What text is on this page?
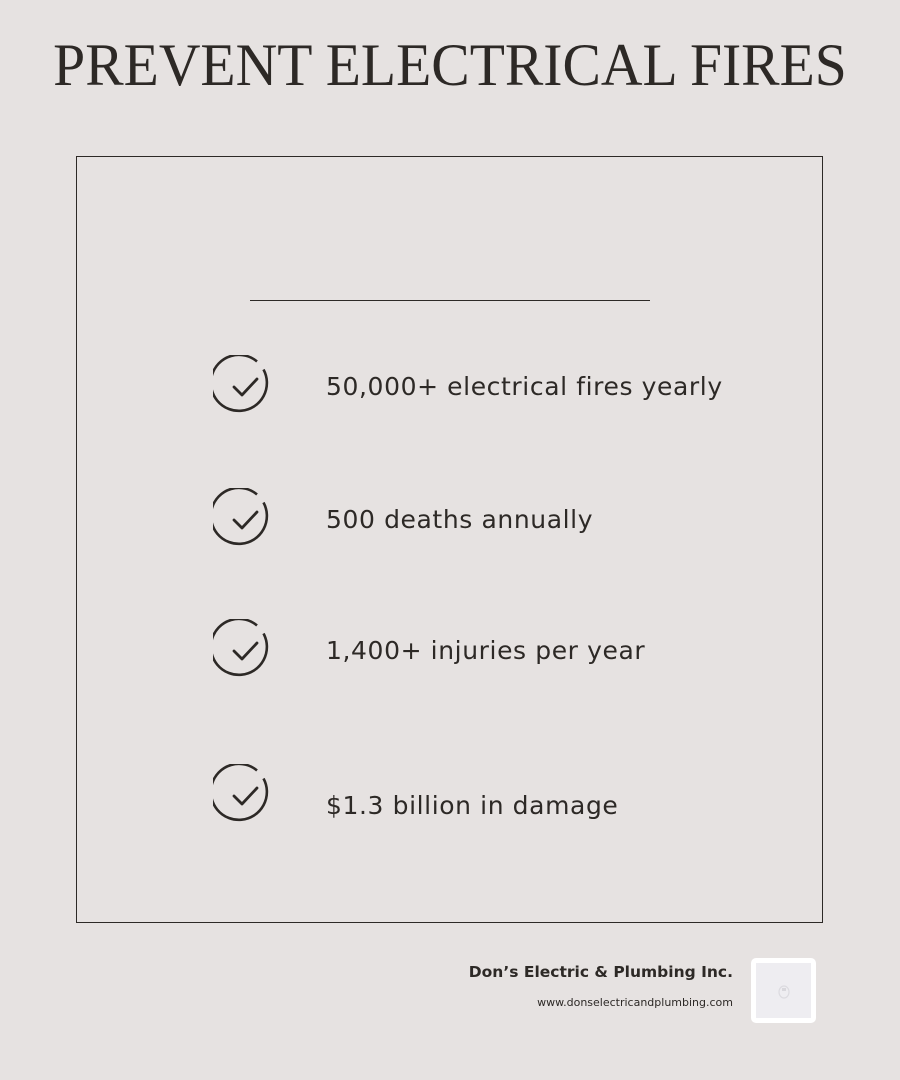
PREVENT ELECTRICAL FIRES
50,000+ electrical fires yearly
500 deaths annually
1,400+ injuries per year
$1.3 billion in damage
Don’s Electric & Plumbing Inc.
www.donselectricandplumbing.com
